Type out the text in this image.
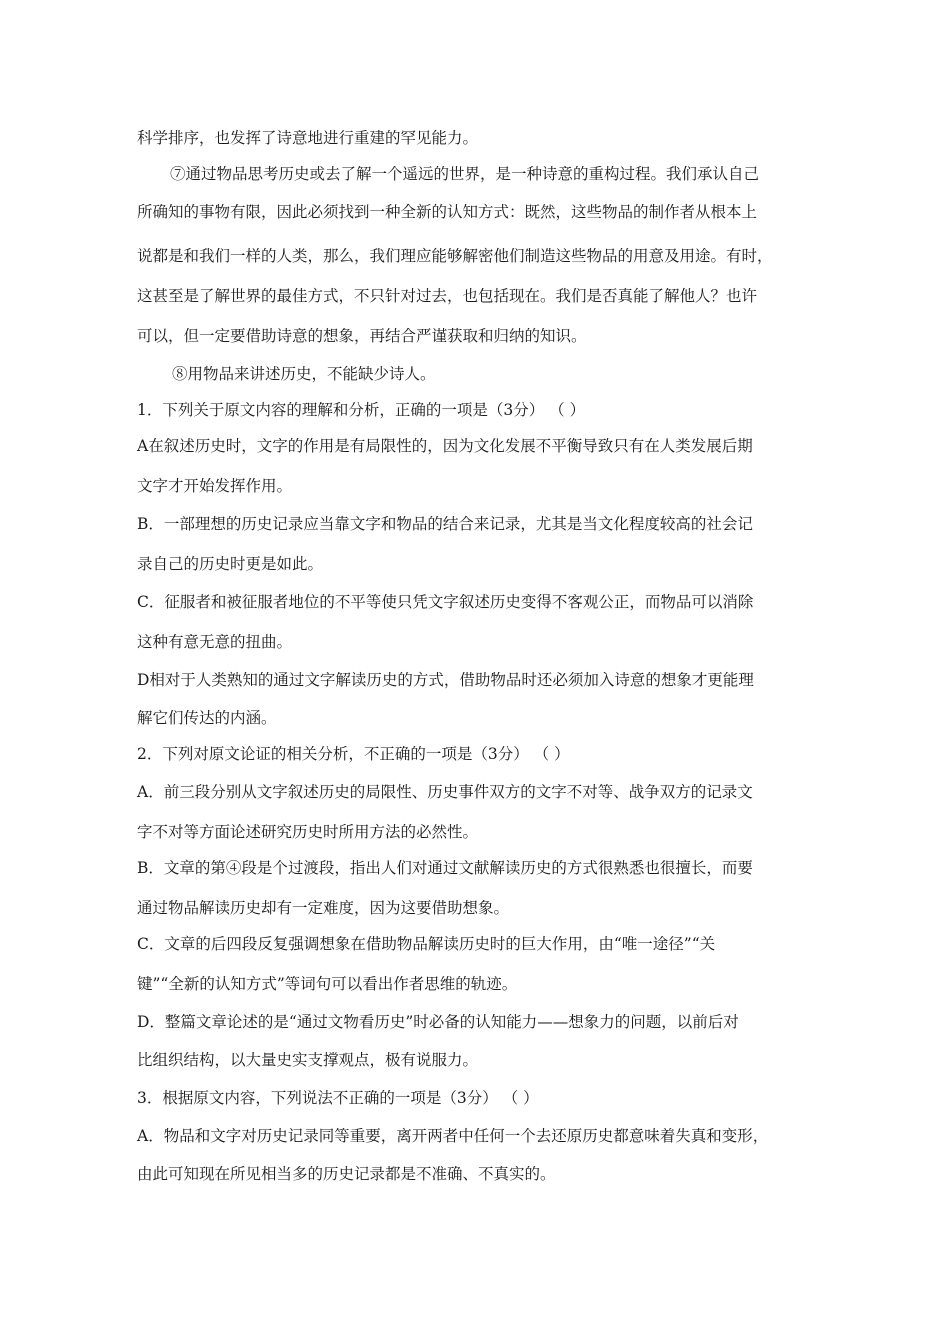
科学排序，也发挥了诗意地进行重建的罕见能力。
⑦通过物品思考历史或去了解一个遥远的世界，是一种诗意的重构过程。我们承认自己
所确知的事物有限，因此必须找到一种全新的认知方式：既然，这些物品的制作者从根本上
说都是和我们一样的人类，那么，我们理应能够解密他们制造这些物品的用意及用途。有时，
这甚至是了解世界的最佳方式，不只针对过去，也包括现在。我们是否真能了解他人？也许
可以，但一定要借助诗意的想象，再结合严谨获取和归纳的知识。
⑧用物品来讲述历史，不能缺少诗人。
1．下列关于原文内容的理解和分析，正确的一项是（3分） （ ）
A在叙述历史时，文字的作用是有局限性的，因为文化发展不平衡导致只有在人类发展后期
文字才开始发挥作用。
B．一部理想的历史记录应当靠文字和物品的结合来记录，尤其是当文化程度较高的社会记
录自己的历史时更是如此。
C．征服者和被征服者地位的不平等使只凭文字叙述历史变得不客观公正，而物品可以消除
这种有意无意的扭曲。
D相对于人类熟知的通过文字解读历史的方式，借助物品时还必须加入诗意的想象才更能理
解它们传达的内涵。
2．下列对原文论证的相关分析，不正确的一项是（3分） （ ）
A．前三段分别从文字叙述历史的局限性、历史事件双方的文字不对等、战争双方的记录文
字不对等方面论述研究历史时所用方法的必然性。
B．文章的第④段是个过渡段，指出人们对通过文献解读历史的方式很熟悉也很擅长，而要
通过物品解读历史却有一定难度，因为这要借助想象。
C．文章的后四段反复强调想象在借助物品解读历史时的巨大作用，由“唯一途径”“关
键”“全新的认知方式”等词句可以看出作者思维的轨迹。
D．整篇文章论述的是“通过文物看历史”时必备的认知能力——想象力的问题，以前后对
比组织结构，以大量史实支撑观点，极有说服力。
3．根据原文内容，下列说法不正确的一项是（3分） （ ）
A．物品和文字对历史记录同等重要，离开两者中任何一个去还原历史都意味着失真和变形，
由此可知现在所见相当多的历史记录都是不准确、不真实的。
